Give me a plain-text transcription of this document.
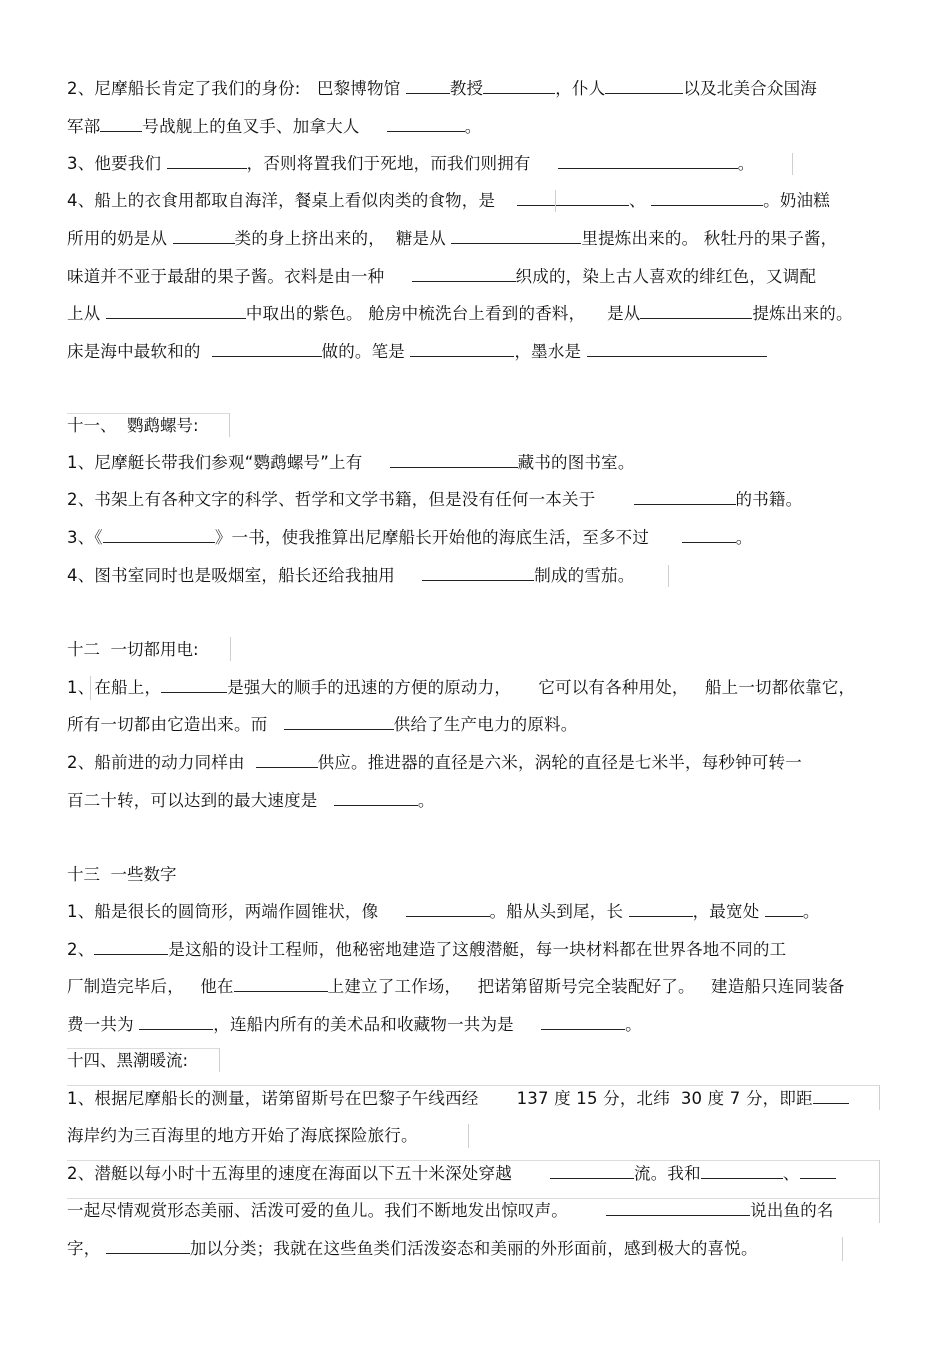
2、尼摩船长肯定了我们的身份:   巴黎博物馆	教授	，仆人	以及北美合众国海
军部	号战舰上的鱼叉手、加拿大人	。
3、他要我们	，否则将置我们于死地，而我们则拥有	。
4、船上的衣食用都取自海洋，餐桌上看似肉类的食物，是	、	。奶油糕
所用的奶是从	类的身上挤出来的，  糖是从	里提炼出来的。 秋牡丹的果子酱，
味道并不亚于最甜的果子酱。衣料是由一种	织成的，染上古人喜欢的绯红色，又调配
上从	中取出的紫色。 舱房中梳洗台上看到的香料，    是从	提炼出来的。
床是海中最软和的	做的。笔是	，墨水是
十一、  鹦鹉螺号:
1、尼摩艇长带我们参观“鹦鹉螺号”上有	藏书的图书室。
2、书架上有各种文字的科学、哲学和文学书籍，但是没有任何一本关于	的书籍。
3、《	》一书，使我推算出尼摩船长开始他的海底生活，至多不过	。
4、图书室同时也是吸烟室，船长还给我抽用	制成的雪茄。
十二  一切都用电:
1、在船上，	是强大的顺手的迅速的方便的原动力，     它可以有各种用处，   船上一切都依靠它，
所有一切都由它造出来。而	供给了生产电力的原料。
2、船前进的动力同样由	供应。推进器的直径是六米，涡轮的直径是七米半，每秒钟可转一
百二十转，可以达到的最大速度是	。
十三  一些数字
1、船是很长的圆筒形，两端作圆锥状，像	。船从头到尾，长	，最宽处	。
2、	是这船的设计工程师，他秘密地建造了这艘潜艇，每一块材料都在世界各地不同的工
厂制造完毕后，   他在	上建立了工作场，   把诺第留斯号完全装配好了。   建造船只连同装备
费一共为	，连船内所有的美术品和收藏物一共为是	。
十四、黑潮暖流:
1、根据尼摩船长的测量，诺第留斯号在巴黎子午线西经       137 度 15 分，北纬  30 度 7 分，即距
海岸约为三百海里的地方开始了海底探险旅行。
2、潜艇以每小时十五海里的速度在海面以下五十米深处穿越	流。我和	、
一起尽情观赏形态美丽、活泼可爱的鱼儿。我们不断地发出惊叹声。	说出鱼的名
字，	加以分类；我就在这些鱼类们活泼姿态和美丽的外形面前，感到极大的喜悦。
